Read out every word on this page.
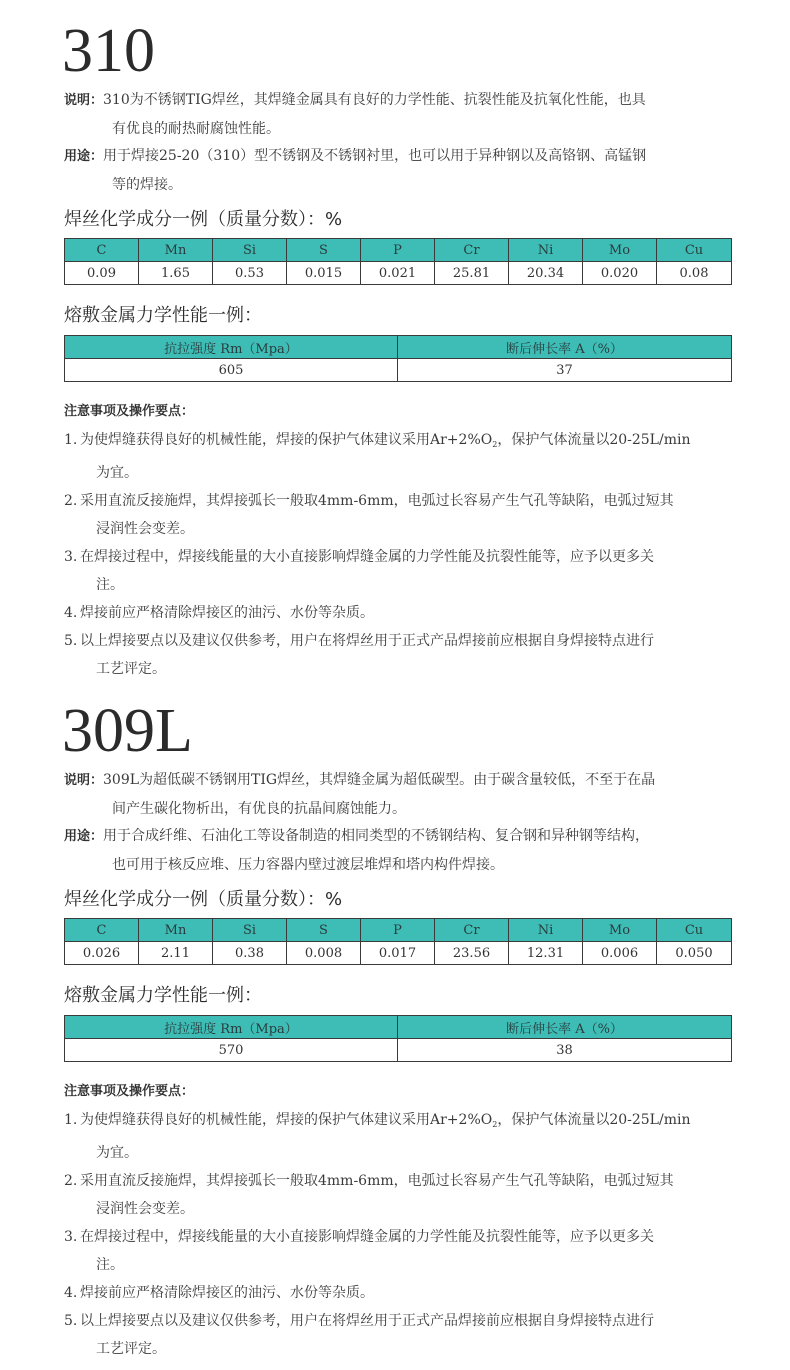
310
说明：310为不锈钢TIG焊丝，其焊缝金属具有良好的力学性能、抗裂性能及抗氧化性能，也具
有优良的耐热耐腐蚀性能。
用途：用于焊接25-20（310）型不锈钢及不锈钢衬里，也可以用于异种钢以及高铬钢、高锰钢
等的焊接。
焊丝化学成分一例（质量分数）：%
C	Mn	Si	S	P	Cr	Ni	Mo	Cu
0.09	1.65	0.53	0.015	0.021	25.81	20.34	0.020	0.08
熔敷金属力学性能一例：
抗拉强度 Rm（Mpa）	断后伸长率 A（%）
605	37
注意事项及操作要点：
1. 为使焊缝获得良好的机械性能，焊接的保护气体建议采用$Ar+2\%O_2$，保护气体流量以20-25L/min
为宜。
2. 采用直流反接施焊，其焊接弧长一般取4mm-6mm，电弧过长容易产生气孔等缺陷，电弧过短其
浸润性会变差。
3. 在焊接过程中，焊接线能量的大小直接影响焊缝金属的力学性能及抗裂性能等，应予以更多关
注。
4. 焊接前应严格清除焊接区的油污、水份等杂质。
5. 以上焊接要点以及建议仅供参考，用户在将焊丝用于正式产品焊接前应根据自身焊接特点进行
工艺评定。
309L
说明：309L为超低碳不锈钢用TIG焊丝，其焊缝金属为超低碳型。由于碳含量较低，不至于在晶
间产生碳化物析出，有优良的抗晶间腐蚀能力。
用途：用于合成纤维、石油化工等设备制造的相同类型的不锈钢结构、复合钢和异种钢等结构，
也可用于核反应堆、压力容器内壁过渡层堆焊和塔内构件焊接。
焊丝化学成分一例（质量分数）：%
C	Mn	Si	S	P	Cr	Ni	Mo	Cu
0.026	2.11	0.38	0.008	0.017	23.56	12.31	0.006	0.050
熔敷金属力学性能一例：
抗拉强度 Rm（Mpa）	断后伸长率 A（%）
570	38
注意事项及操作要点：
1. 为使焊缝获得良好的机械性能，焊接的保护气体建议采用$Ar+2\%O_2$，保护气体流量以20-25L/min
为宜。
2. 采用直流反接施焊，其焊接弧长一般取4mm-6mm，电弧过长容易产生气孔等缺陷，电弧过短其
浸润性会变差。
3. 在焊接过程中，焊接线能量的大小直接影响焊缝金属的力学性能及抗裂性能等，应予以更多关
注。
4. 焊接前应严格清除焊接区的油污、水份等杂质。
5. 以上焊接要点以及建议仅供参考，用户在将焊丝用于正式产品焊接前应根据自身焊接特点进行
工艺评定。
